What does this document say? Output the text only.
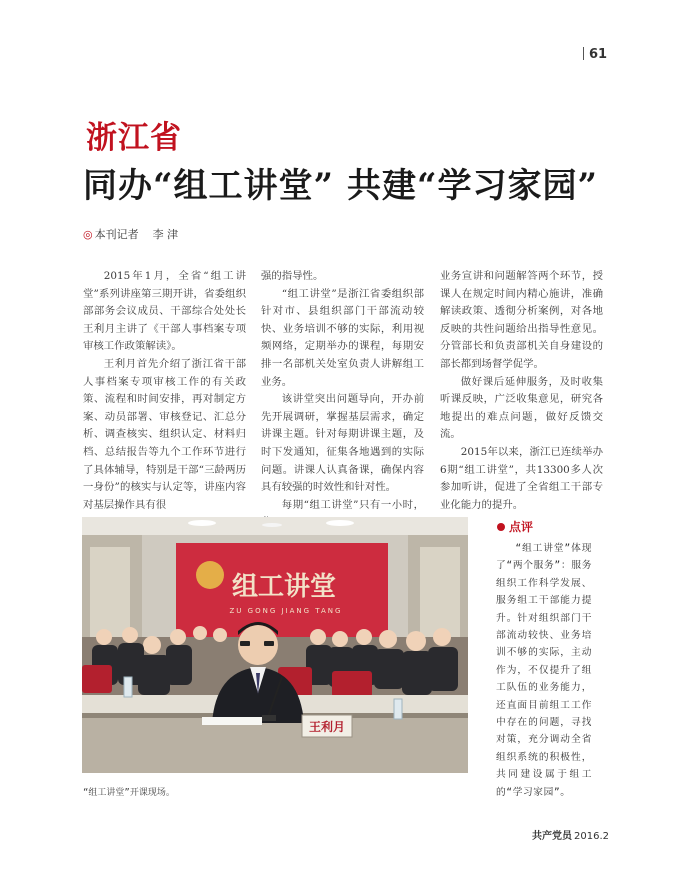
61
浙江省
同办“组工讲堂” 共建“学习家园”
◎ 本刊记者 李 津

2015年1月，全省“组工讲堂”系列讲座第三期开讲，省委组织部部务会议成员、干部综合处处长王利月主讲了《干部人事档案专项审核工作政策解读》。

王利月首先介绍了浙江省干部人事档案专项审核工作的有关政策、流程和时间安排，再对制定方案、动员部署、审核登记、汇总分析、调查核实、组织认定、材料归档、总结报告等九个工作环节进行了具体辅导，特别是干部“三龄两历一身份”的核实与认定等，讲座内容对基层操作具有很

强的指导性。

“组工讲堂”是浙江省委组织部针对市、县组织部门干部流动较快、业务培训不够的实际，利用视频网络，定期举办的课程，每期安排一名部机关处室负责人讲解组工业务。

该讲堂突出问题导向，开办前先开展调研，掌握基层需求，确定讲课主题。针对每期讲课主题，及时下发通知，征集各地遇到的实际问题。讲课人认真备课，确保内容具有较强的时效性和针对性。

每期“组工讲堂”只有一小时，

业务宣讲和问题解答两个环节，授课人在规定时间内精心施讲，准确解读政策、透彻分析案例，对各地反映的共性问题给出指导性意见。分管部长和负责部机关自身建设的部长都到场督学促学。

做好课后延伸服务，及时收集听课反映，广泛收集意见，研究各地提出的难点问题，做好反馈交流。

2015年以来，浙江已连续举办6期“组工讲堂”，共13300多人次参加听讲，促进了全省组工干部专业化能力的提升。

组工讲堂
ZU GONG JIANG TANG
王利月
“组工讲堂”开课现场。
点评
“组工讲堂”体现了“两个服务”：服务组织工作科学发展、服务组工干部能力提升。针对组织部门干部流动较快、业务培训不够的实际，主动作为，不仅提升了组工队伍的业务能力，还直面目前组工工作中存在的问题，寻找对策，充分调动全省组织系统的积极性，共同建设属于组工的“学习家园”。
共产党员 2016.2
